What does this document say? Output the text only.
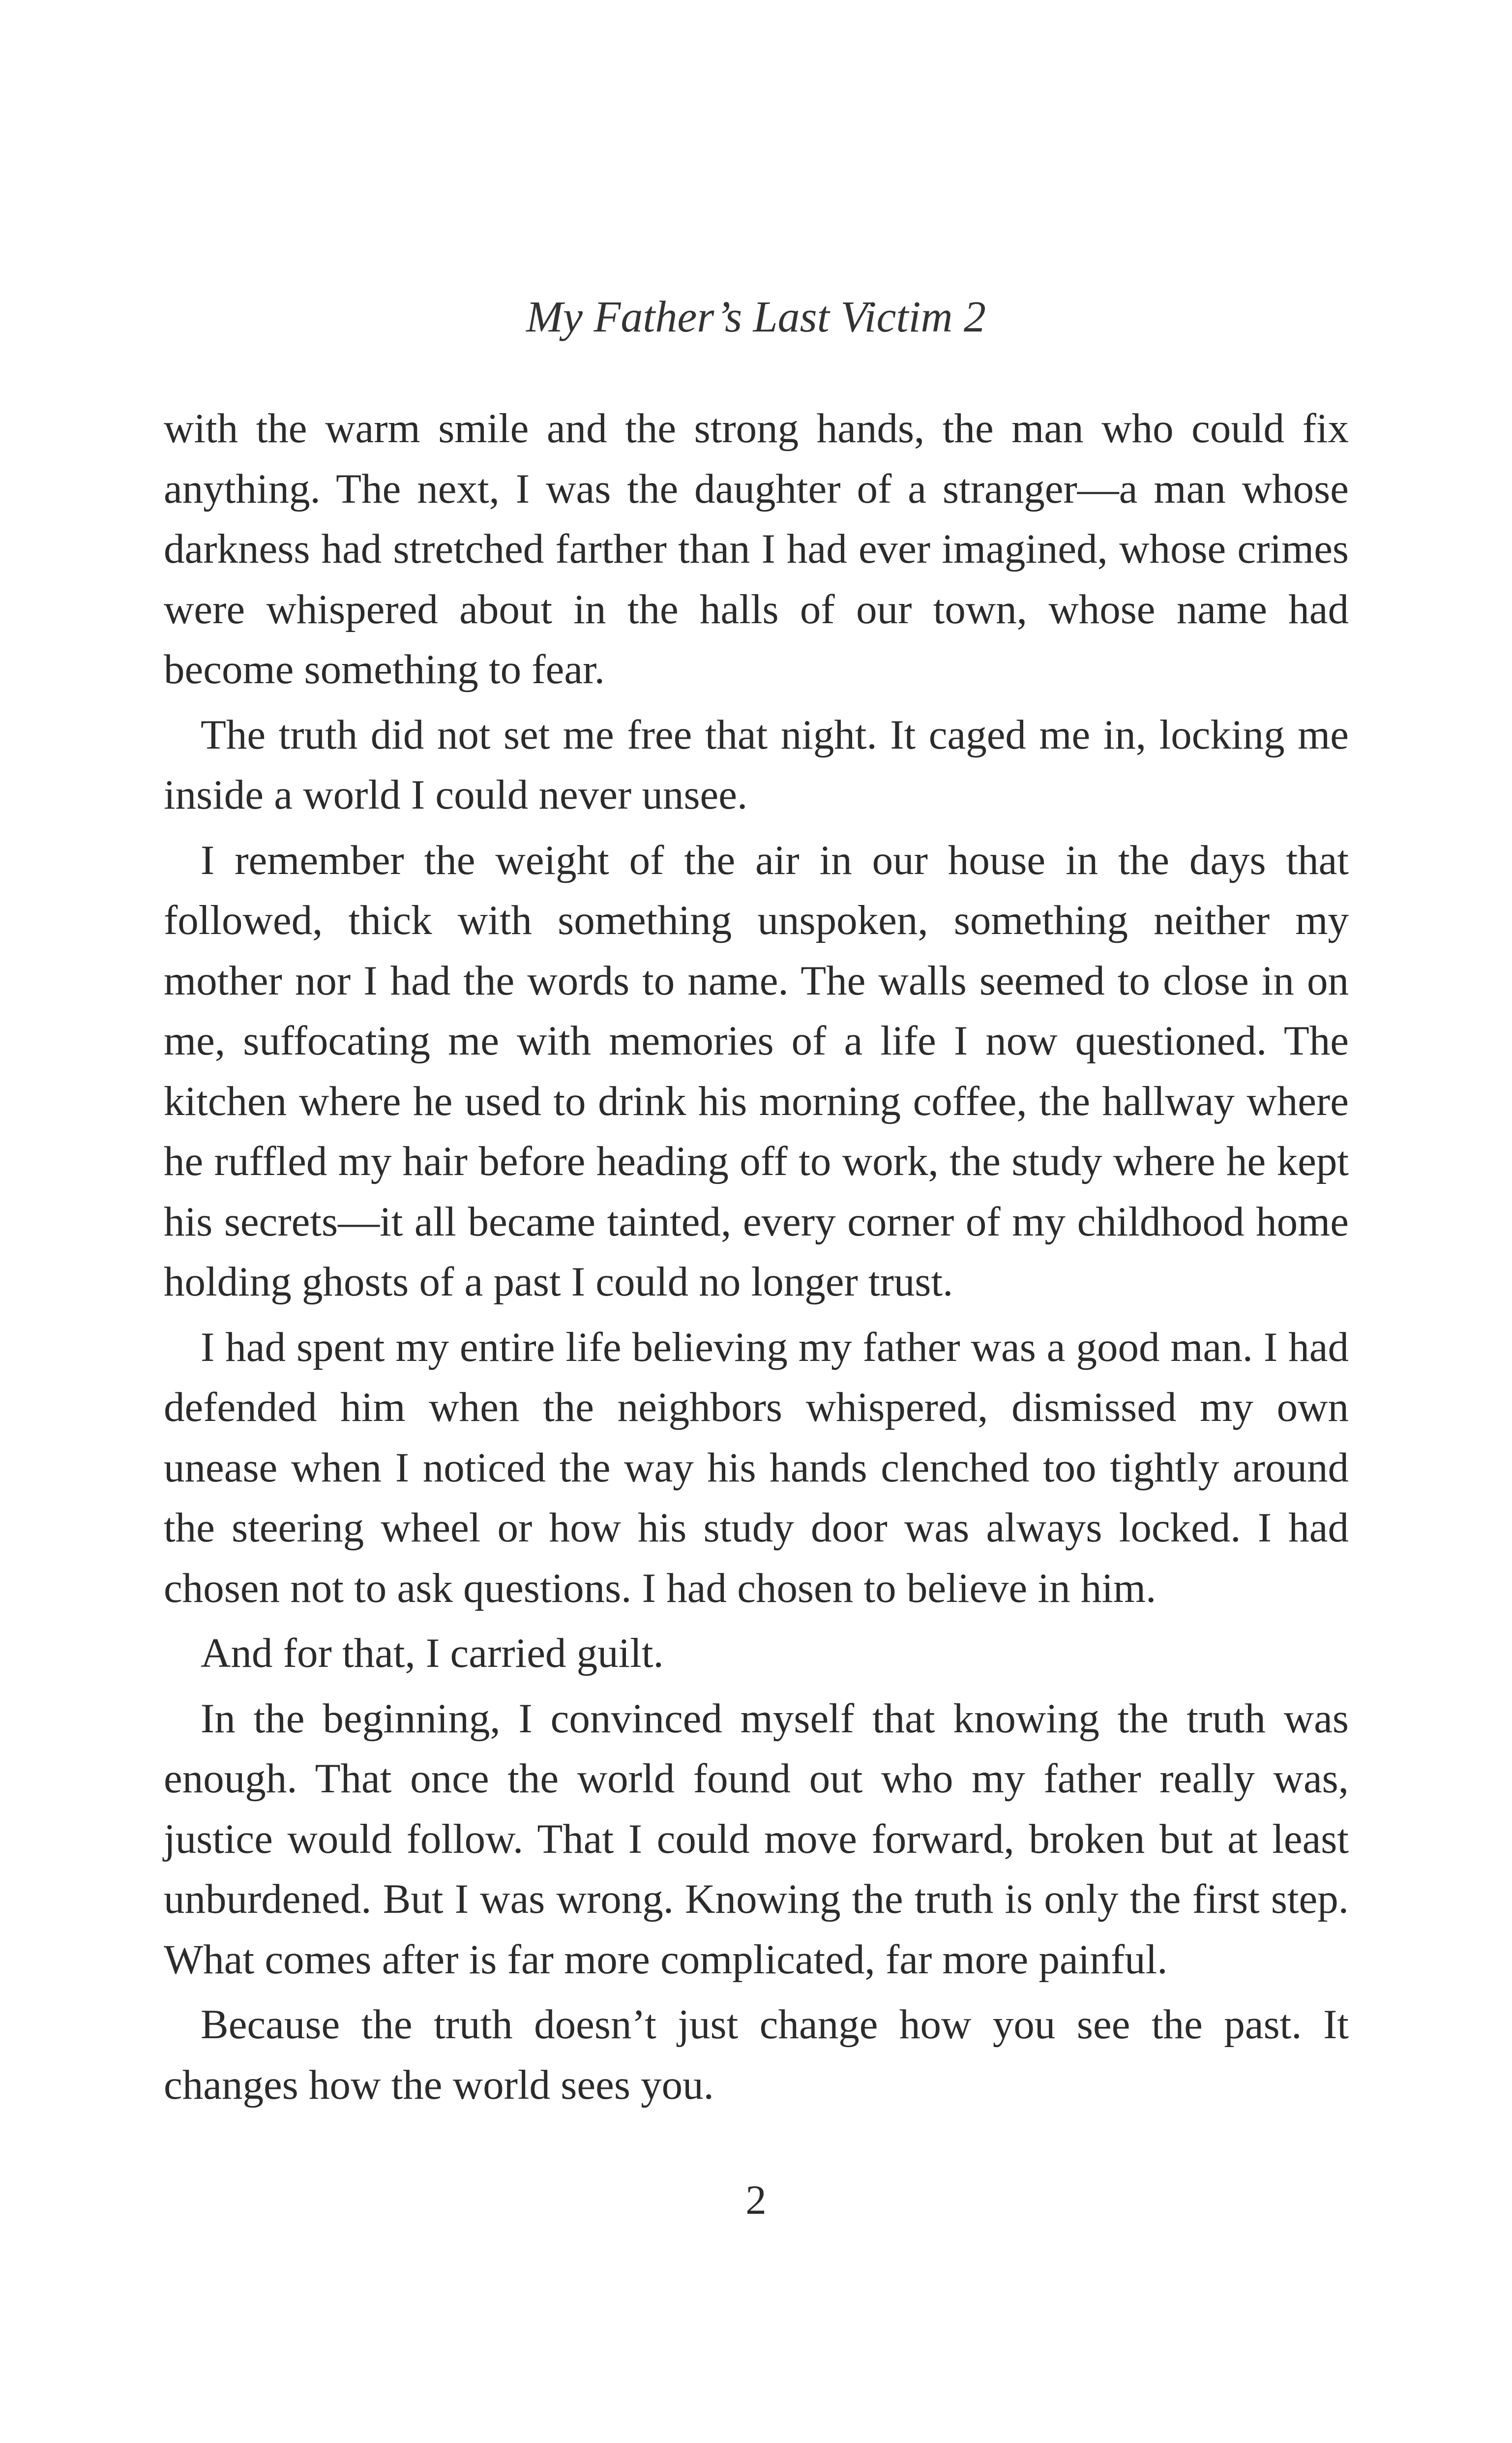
My Father’s Last Victim 2

with the warm smile and the strong hands, the man who could fix anything. The next, I was the daughter of a stranger—a man whose darkness had stretched farther than I had ever imagined, whose crimes were whispered about in the halls of our town, whose name had become something to fear.

The truth did not set me free that night. It caged me in, locking me inside a world I could never unsee.

I remember the weight of the air in our house in the days that followed, thick with something unspoken, something neither my mother nor I had the words to name. The walls seemed to close in on me, suffocating me with memories of a life I now questioned. The kitchen where he used to drink his morning coffee, the hallway where he ruffled my hair before heading off to work, the study where he kept his secrets—it all became tainted, every corner of my childhood home holding ghosts of a past I could no longer trust.

I had spent my entire life believing my father was a good man. I had defended him when the neighbors whispered, dismissed my own unease when I noticed the way his hands clenched too tightly around the steering wheel or how his study door was always locked. I had chosen not to ask questions. I had chosen to believe in him.

And for that, I carried guilt.

In the beginning, I convinced myself that knowing the truth was enough. That once the world found out who my father really was, justice would follow. That I could move forward, broken but at least unburdened. But I was wrong. Knowing the truth is only the first step. What comes after is far more complicated, far more painful.

Because the truth doesn’t just change how you see the past. It changes how the world sees you.

2
